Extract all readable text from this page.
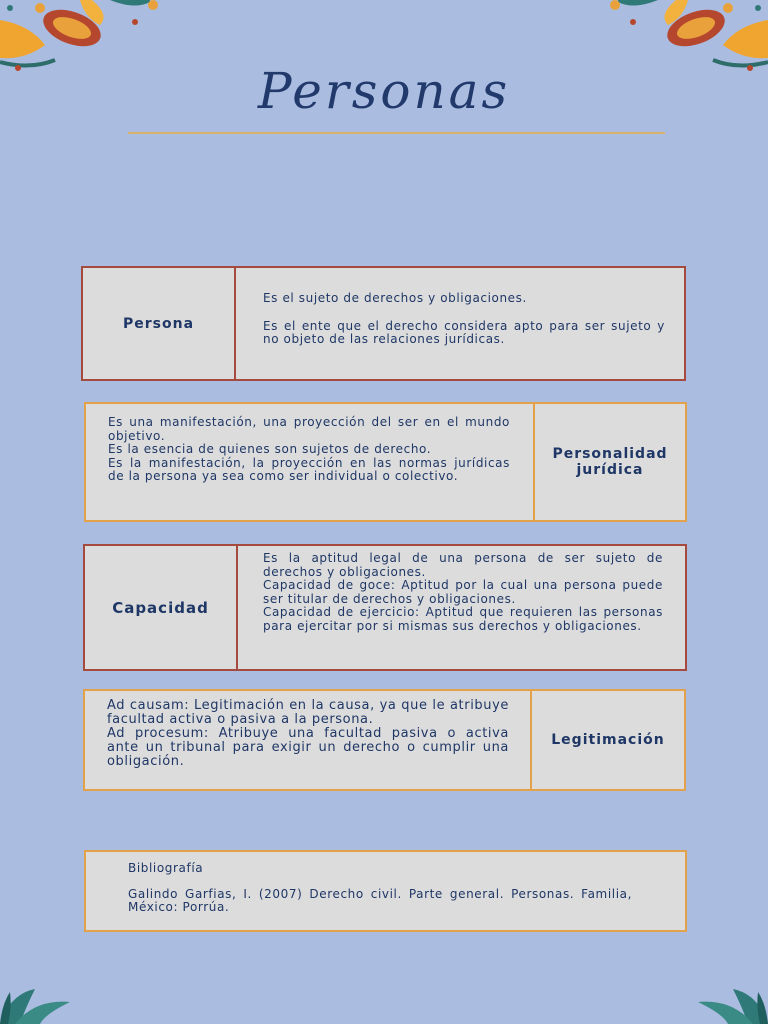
Personas
Persona

Es el sujeto de derechos y obligaciones.

Es el ente que el derecho considera apto para ser sujeto y no objeto de las relaciones jurídicas.

Es una manifestación, una proyección del ser en el mundo objetivo.

Es la esencia de quienes son sujetos de derecho.

Es la manifestación, la proyección en las normas jurídicas de la persona ya sea como ser individual o colectivo.

Personalidad jurídica
Capacidad

Es la aptitud legal de una persona de ser sujeto de derechos y obligaciones.

Capacidad de goce: Aptitud por la cual una persona puede ser titular de derechos y obligaciones.

Capacidad de ejercicio: Aptitud que requieren las personas para ejercitar por si mismas sus derechos y obligaciones.

Ad causam: Legitimación en la causa, ya que le atribuye facultad activa o pasiva a la persona.

Ad procesum: Atribuye una facultad pasiva o activa ante un tribunal para exigir un derecho o cumplir una obligación.

Legitimación

Bibliografía

Galindo Garfias, I. (2007) Derecho civil. Parte general. Personas. Familia, México: Porrúa.
